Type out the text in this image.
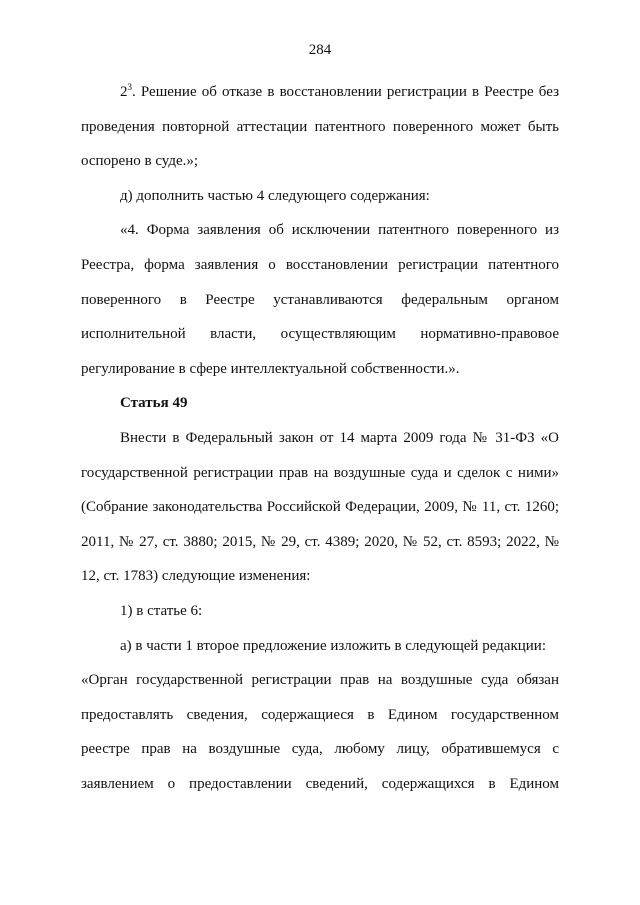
284

$2^3$. Решение об отказе в восстановлении регистрации в Реестре без проведения повторной аттестации патентного поверенного может быть оспорено в суде.»;

д) дополнить частью 4 следующего содержания:

«4. Форма заявления об исключении патентного поверенного из Реестра, форма заявления о восстановлении регистрации патентного поверенного в Реестре устанавливаются федеральным органом исполнительной власти, осуществляющим нормативно-правовое регулирование в сфере интеллектуальной собственности.».

Статья 49

Внести в Федеральный закон от 14 марта 2009 года № 31-ФЗ «О государственной регистрации прав на воздушные суда и сделок с ними» (Собрание законодательства Российской Федерации, 2009, № 11, ст. 1260; 2011, № 27, ст. 3880; 2015, № 29, ст. 4389; 2020, № 52, ст. 8593; 2022, № 12, ст. 1783) следующие изменения:

1) в статье 6:

а) в части 1 второе предложение изложить в следующей редакции:

«Орган государственной регистрации прав на воздушные суда обязан предоставлять сведения, содержащиеся в Едином государственном реестре прав на воздушные суда, любому лицу, обратившемуся с заявлением о предоставлении сведений, содержащихся в Едином
